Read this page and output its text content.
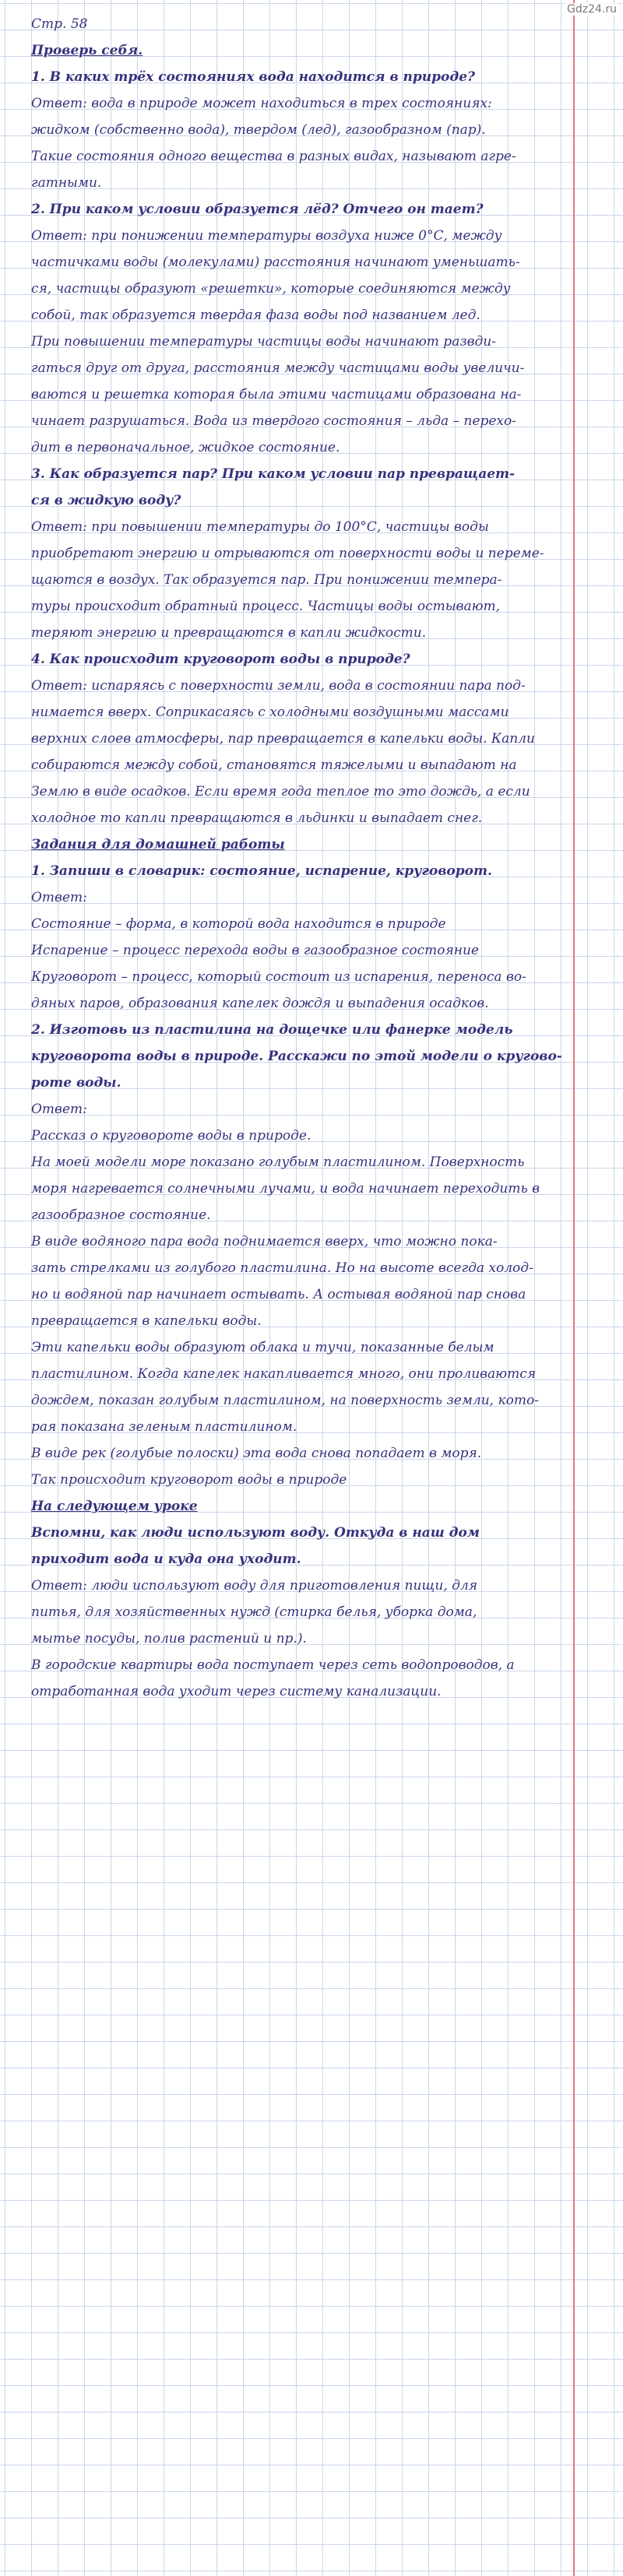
Gdz24.ru
Стр. 58
Проверь себя.
1. В каких трёх состояниях вода находится в природе?
Ответ: вода в природе может находиться в трех состояниях:
жидком (собственно вода), твердом (лед), газообразном (пар).
Такие состояния одного вещества в разных видах, называют агре-
гатными.
2. При каком условии образуется лёд? Отчего он тает?
Ответ: при понижении температуры воздуха ниже 0°С, между
частичками воды (молекулами) расстояния начинают уменьшать-
ся, частицы образуют «решетки», которые соединяются между
собой, так образуется твердая фаза воды под названием лед.
При повышении температуры частицы воды начинают развди-
гаться друг от друга, расстояния между частицами воды увеличи-
ваются и решетка которая была этими частицами образована на-
чинает разрушаться. Вода из твердого состояния – льда – перехо-
дит в первоначальное, жидкое состояние.
3. Как образуется пар? При каком условии пар превращает-
ся в жидкую воду?
Ответ: при повышении температуры до 100°С, частицы воды
приобретают энергию и отрываются от поверхности воды и переме-
щаются в воздух. Так образуется пар. При понижении темпера-
туры происходит обратный процесс. Частицы воды остывают,
теряют энергию и превращаются в капли жидкости.
4. Как происходит круговорот воды в природе?
Ответ: испаряясь с поверхности земли, вода в состоянии пара под-
нимается вверх. Соприкасаясь с холодными воздушными массами
верхних слоев атмосферы, пар превращается в капельки воды. Капли
собираются между собой, становятся тяжелыми и выпадают на
Землю в виде осадков. Если время года теплое то это дождь, а если
холодное то капли превращаются в льдинки и выпадает снег.
Задания для домашней работы
1. Запиши в словарик: состояние, испарение, круговорот.
Ответ:
Состояние – форма, в которой вода находится в природе
Испарение – процесс перехода воды в газообразное состояние
Круговорот – процесс, который состоит из испарения, переноса во-
дяных паров, образования капелек дождя и выпадения осадков.
2. Изготовь из пластилина на дощечке или фанерке модель
круговорота воды в природе. Расскажи по этой модели о кругово-
роте воды.
Ответ:
Рассказ о круговороте воды в природе.
На моей модели море показано голубым пластилином. Поверхность
моря нагревается солнечными лучами, и вода начинает переходить в
газообразное состояние.
В виде водяного пара вода поднимается вверх, что можно пока-
зать стрелками из голубого пластилина. Но на высоте всегда холод-
но и водяной пар начинает остывать. А остывая водяной пар снова
превращается в капельки воды.
Эти капельки воды образуют облака и тучи, показанные белым
пластилином. Когда капелек накапливается много, они проливаются
дождем, показан голубым пластилином, на поверхность земли, кото-
рая показана зеленым пластилином.
В виде рек (голубые полоски) эта вода снова попадает в моря.
Так происходит круговорот воды в природе
На следующем уроке
Вспомни, как люди используют воду. Откуда в наш дом
приходит вода и куда она уходит.
Ответ: люди используют воду для приготовления пищи, для
питья, для хозяйственных нужд (стирка белья, уборка дома,
мытье посуды, полив растений и пр.).
В городские квартиры вода поступает через сеть водопроводов, а
отработанная вода уходит через систему канализации.
